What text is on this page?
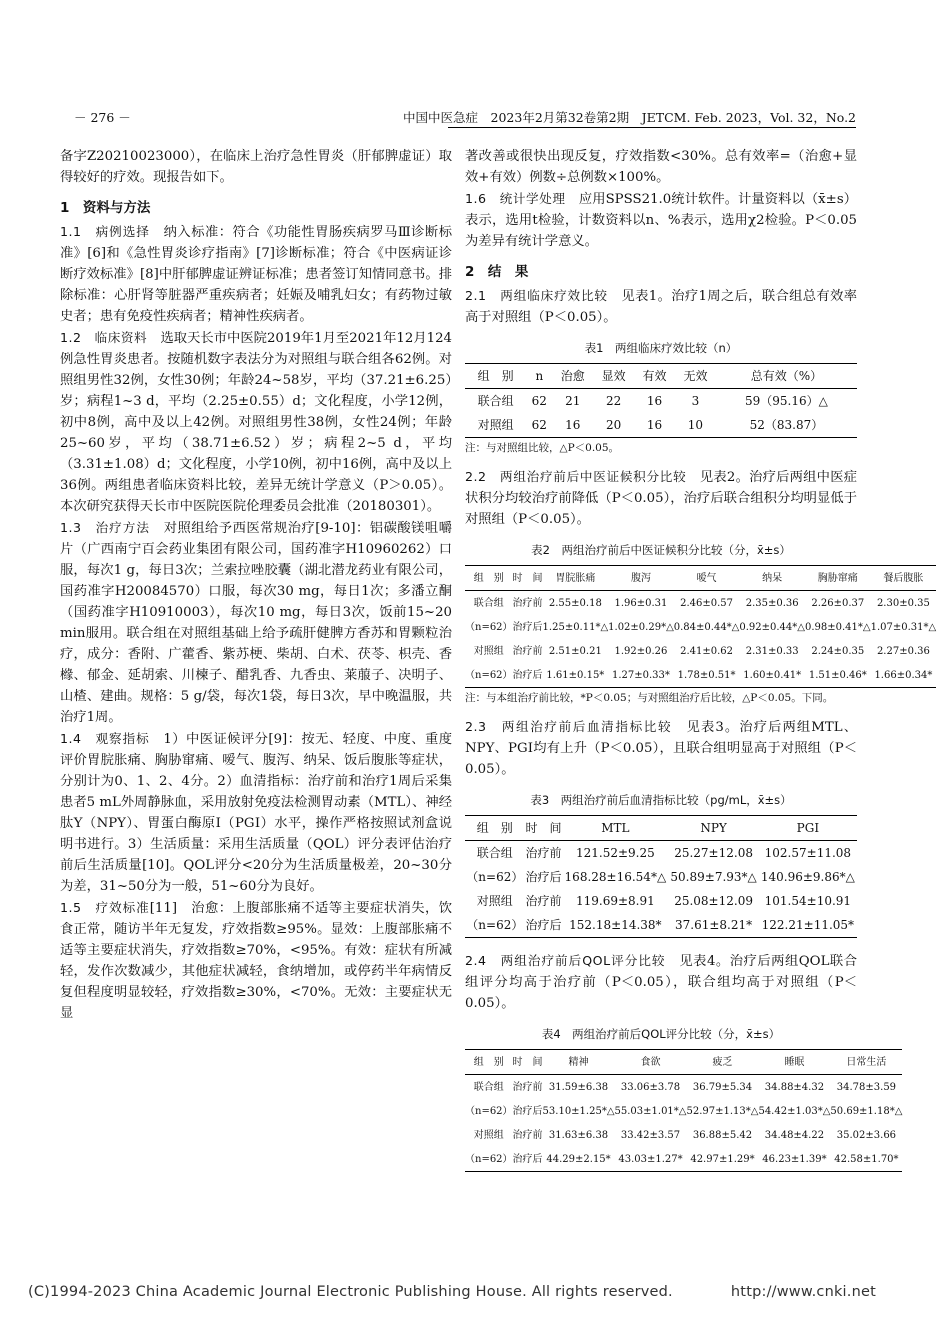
－ 276 －	中国中医急症　2023年2月第32卷第2期　JETCM. Feb. 2023，Vol. 32，No.2

备字Z20210023000），在临床上治疗急性胃炎（肝郁脾虚证）取得较好的疗效。现报告如下。

1　资料与方法

1.1　病例选择　 纳入标准：符合《功能性胃肠疾病罗马Ⅲ诊断标准》[6]和《急性胃炎诊疗指南》[7]诊断标准；符合《中医病证诊断疗效标准》[8]中肝郁脾虚证辨证标准；患者签订知情同意书。排除标准：心肝肾等脏器严重疾病者；妊娠及哺乳妇女；有药物过敏史者；患有免疫性疾病者；精神性疾病者。

1.2　临床资料　 选取天长市中医院2019年1月至2021年12月124例急性胃炎患者。按随机数字表法分为对照组与联合组各62例。对照组男性32例，女性30例；年龄24~58岁，平均（37.21±6.25）岁；病程1~3 d，平均（2.25±0.55）d；文化程度，小学12例，初中8例，高中及以上42例。对照组男性38例，女性24例；年龄25~60岁，平均（38.71±6.52）岁；病程2~5 d，平均（3.31±1.08）d；文化程度，小学10例，初中16例，高中及以上36例。两组患者临床资料比较，差异无统计学意义（P＞0.05）。本次研究获得天长市中医院医院伦理委员会批准（20180301）。

1.3　治疗方法　 对照组给予西医常规治疗[9-10]：铝碳酸镁咀嚼片（广西南宁百会药业集团有限公司，国药准字H10960262）口服，每次1 g，每日3次；兰索拉唑胶囊（湖北潜龙药业有限公司，国药准字H20084570）口服，每次30 mg，每日1次；多潘立酮（国药准字H10910003），每次10 mg，每日3次，饭前15~20 min服用。联合组在对照组基础上给予疏肝健脾方香苏和胃颗粒治疗，成分：香附、广藿香、紫苏梗、柴胡、白术、茯苓、枳壳、香橼、郁金、延胡索、川楝子、醋乳香、九香虫、莱菔子、决明子、山楂、建曲。规格：5 g/袋，每次1袋，每日3次，早中晚温服，共治疗1周。

1.4　观察指标　 1）中医证候评分[9]：按无、轻度、中度、重度评价胃脘胀痛、胸胁窜痛、嗳气、腹泻、纳呆、饭后腹胀等症状，分别计为0、1、2、4分。2）血清指标：治疗前和治疗1周后采集患者5 mL外周静脉血，采用放射免疫法检测胃动素（MTL）、神经肽Y（NPY）、胃蛋白酶原Ⅰ（PGⅠ）水平，操作严格按照试剂盒说明书进行。3）生活质量：采用生活质量（QOL）评分表评估治疗前后生活质量[10]。QOL评分<20分为生活质量极差，20~30分为差，31~50分为一般，51~60分为良好。

1.5　疗效标准[11]　治愈：上腹部胀痛不适等主要症状消失，饮食正常，随访半年无复发，疗效指数≥95%。显效：上腹部胀痛不适等主要症状消失，疗效指数≥70%，<95%。有效：症状有所减轻，发作次数减少，其他症状减轻，食纳增加，或停药半年病情反复但程度明显较轻，疗效指数≥30%，<70%。无效：主要症状无显

著改善或很快出现反复，疗效指数<30%。总有效率=（治愈+显效+有效）例数÷总例数×100%。

1.6　统计学处理　 应用SPSS21.0统计软件。计量资料以（x̄±s）表示，选用t检验，计数资料以n、%表示，选用χ2检验。P＜0.05为差异有统计学意义。

2　结　果

2.1　两组临床疗效比较　 见表1。治疗1周之后，联合组总有效率高于对照组（P＜0.05）。

表1　两组临床疗效比较（n）
组　别	n	治愈	显效	有效	无效	总有效（%）
联合组	62	21	22	16	3	59（95.16）△
对照组	62	16	20	16	10	52（83.87）

注：与对照组比较，△P＜0.05。

2.2　两组治疗前后中医证候积分比较　 见表2。治疗后两组中医症状积分均较治疗前降低（P＜0.05），治疗后联合组积分均明显低于对照组（P＜0.05）。

表2　两组治疗前后中医证候积分比较（分，x̄±s）
组　别	时　间	胃脘胀痛	腹泻	嗳气	纳呆	胸胁窜痛	餐后腹胀
联合组	治疗前	2.55±0.18	1.96±0.31	2.46±0.57	2.35±0.36	2.26±0.37	2.30±0.35
（n=62）	治疗后	1.25±0.11*△	1.02±0.29*△	0.84±0.44*△	0.92±0.44*△	0.98±0.41*△	1.07±0.31*△
对照组	治疗前	2.51±0.21	1.92±0.26	2.41±0.62	2.31±0.33	2.24±0.35	2.27±0.36
（n=62）	治疗后	1.61±0.15*	1.27±0.33*	1.78±0.51*	1.60±0.41*	1.51±0.46*	1.66±0.34*

注：与本组治疗前比较，*P＜0.05；与对照组治疗后比较，△P＜0.05。下同。

2.3　两组治疗前后血清指标比较　 见表3。治疗后两组MTL、NPY、PGⅠ均有上升（P＜0.05），且联合组明显高于对照组（P＜0.05）。

表3　两组治疗前后血清指标比较（pg/mL，x̄±s）
组　别	时　间	MTL	NPY	PGⅠ
联合组	治疗前	121.52±9.25	25.27±12.08	102.57±11.08
（n=62）	治疗后	168.28±16.54*△	50.89±7.93*△	140.96±9.86*△
对照组	治疗前	119.69±8.91	25.08±12.09	101.54±10.91
（n=62）	治疗后	152.18±14.38*	37.61±8.21*	122.21±11.05*

2.4　两组治疗前后QOL评分比较　 见表4。治疗后两组QOL联合组评分均高于治疗前（P＜0.05），联合组均高于对照组（P＜0.05）。

表4　两组治疗前后QOL评分比较（分，x̄±s）
组　别	时　间	精神	食欲	疲乏	睡眠	日常生活
联合组	治疗前	31.59±6.38	33.06±3.78	36.79±5.34	34.88±4.32	34.78±3.59
（n=62）	治疗后	53.10±1.25*△	55.03±1.01*△	52.97±1.13*△	54.42±1.03*△	50.69±1.18*△
对照组	治疗前	31.63±6.38	33.42±3.57	36.88±5.42	34.48±4.22	35.02±3.66
（n=62）	治疗后	44.29±2.15*	43.03±1.27*	42.97±1.29*	46.23±1.39*	42.58±1.70*
(C)1994-2023 China Academic Journal Electronic Publishing House. All rights reserved.	http://www.cnki.net
